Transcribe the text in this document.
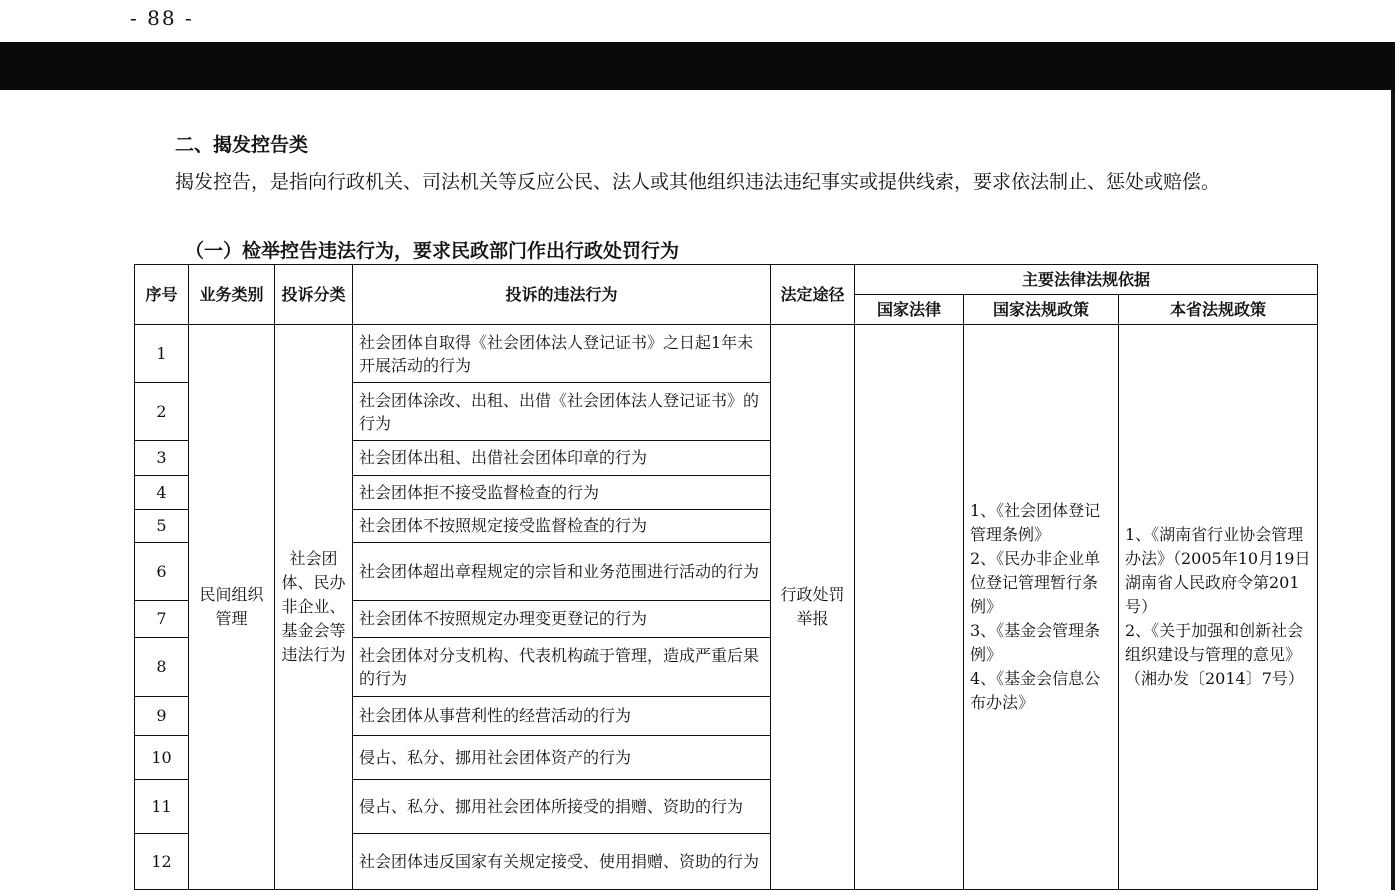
- 88 -
二、揭发控告类
揭发控告，是指向行政机关、司法机关等反应公民、法人或其他组织违法违纪事实或提供线索，要求依法制止、惩处或赔偿。
（一）检举控告违法行为，要求民政部门作出行政处罚行为
序号	业务类别	投诉分类	投诉的违法行为	法定途径	主要法律法规依据		
					国家法律	国家法规政策	本省法规政策
1	民间组织管理	社会团体、民办非企业、基金会等违法行为	社会团体自取得《社会团体法人登记证书》之日起1年未开展活动的行为	行政处罚举报		1、《社会团体登记管理条例》
2、《民办非企业单位登记管理暂行条例》
3、《基金会管理条例》
4、《基金会信息公布办法》	1、《湖南省行业协会管理办法》（2005年10月19日湖南省人民政府令第201号）
2、《关于加强和创新社会组织建设与管理的意见》（湘办发〔2014〕7号）

2			社会团体涂改、出租、出借《社会团体法人登记证书》的行为				
3			社会团体出租、出借社会团体印章的行为				
4			社会团体拒不接受监督检查的行为				
5			社会团体不按照规定接受监督检查的行为				
6			社会团体超出章程规定的宗旨和业务范围进行活动的行为				
7			社会团体不按照规定办理变更登记的行为				
8			社会团体对分支机构、代表机构疏于管理，造成严重后果的行为				
9			社会团体从事营利性的经营活动的行为				
10			侵占、私分、挪用社会团体资产的行为				
11			侵占、私分、挪用社会团体所接受的捐赠、资助的行为				
12			社会团体违反国家有关规定接受、使用捐赠、资助的行为				
